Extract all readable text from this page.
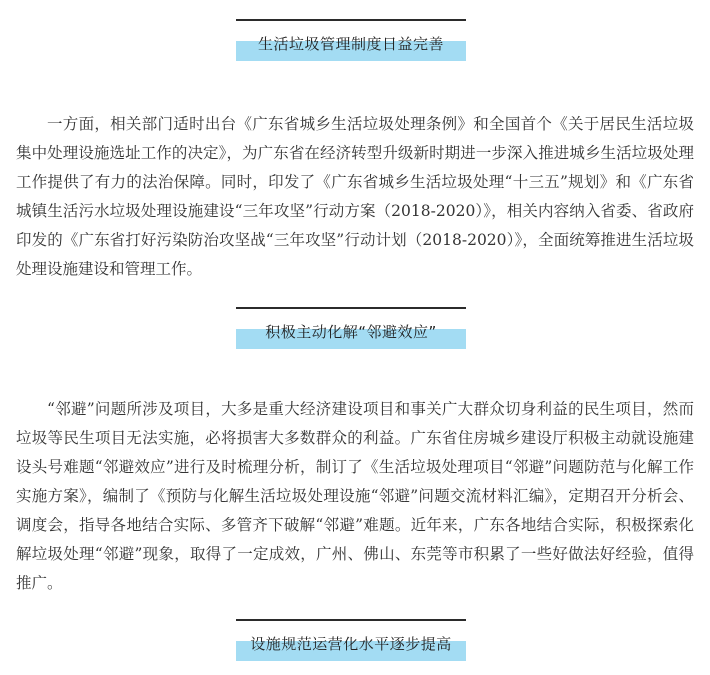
生活垃圾管理制度日益完善

一方面，相关部门适时出台《广东省城乡生活垃圾处理条例》和全国首个《关于居民生活垃圾集中处理设施选址工作的决定》，为广东省在经济转型升级新时期进一步深入推进城乡生活垃圾处理工作提供了有力的法治保障。同时，印发了《广东省城乡生活垃圾处理“十三五”规划》和《广东省城镇生活污水垃圾处理设施建设“三年攻坚”行动方案（2018-2020）》，相关内容纳入省委、省政府印发的《广东省打好污染防治攻坚战“三年攻坚”行动计划（2018-2020）》，全面统筹推进生活垃圾处理设施建设和管理工作。

积极主动化解“邻避效应”

“邻避”问题所涉及项目，大多是重大经济建设项目和事关广大群众切身利益的民生项目，然而垃圾等民生项目无法实施，必将损害大多数群众的利益。广东省住房城乡建设厅积极主动就设施建设头号难题“邻避效应”进行及时梳理分析，制订了《生活垃圾处理项目“邻避”问题防范与化解工作实施方案》，编制了《预防与化解生活垃圾处理设施“邻避”问题交流材料汇编》，定期召开分析会、调度会，指导各地结合实际、多管齐下破解“邻避”难题。近年来，广东各地结合实际，积极探索化解垃圾处理“邻避”现象，取得了一定成效，广州、佛山、东莞等市积累了一些好做法好经验，值得推广。

设施规范运营化水平逐步提高
